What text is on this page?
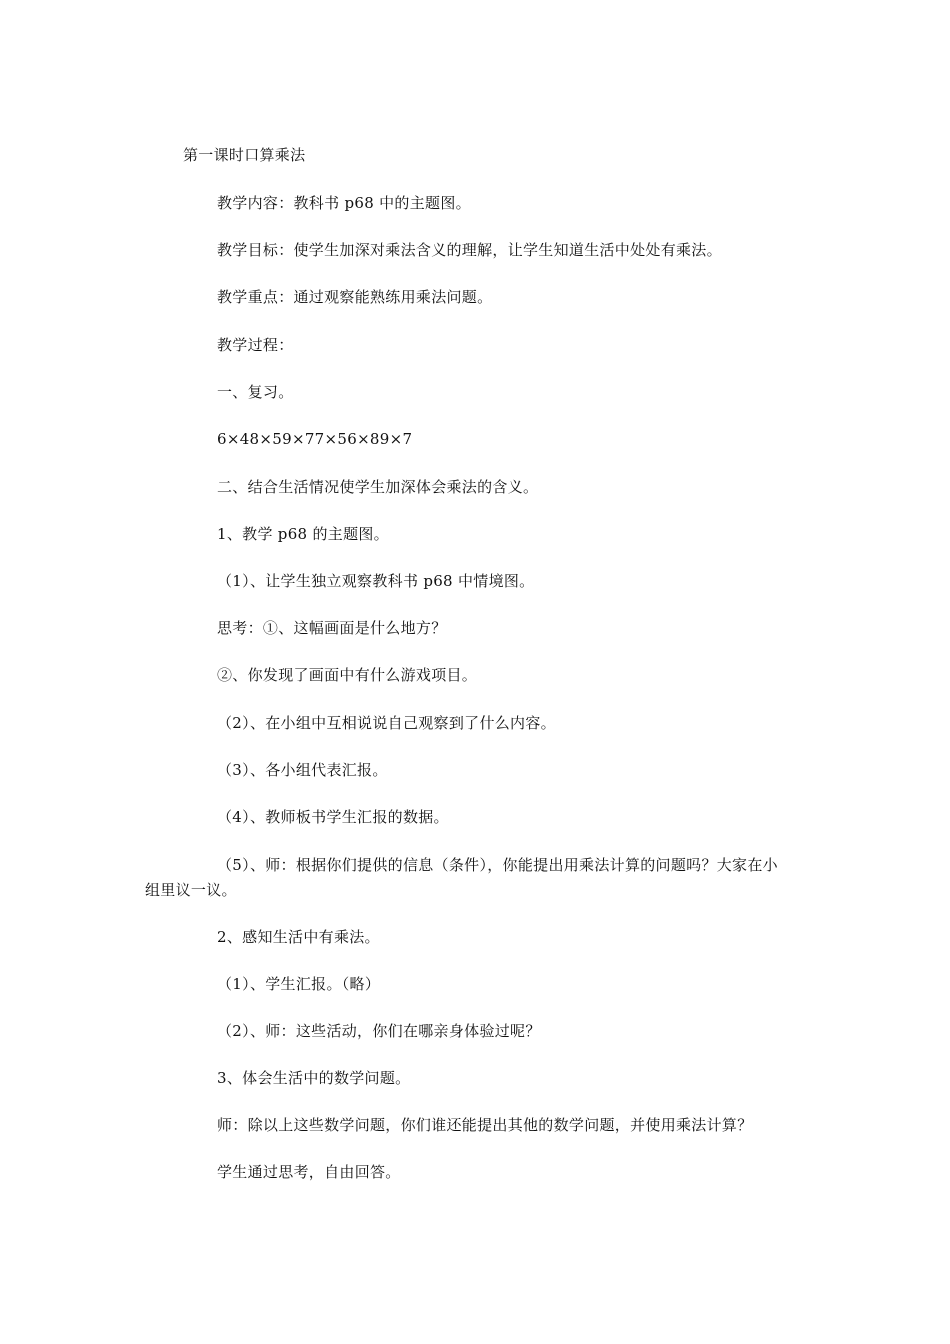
第一课时口算乘法
教学内容：教科书 p68 中的主题图。
教学目标：使学生加深对乘法含义的理解，让学生知道生活中处处有乘法。
教学重点：通过观察能熟练用乘法问题。
教学过程：
一、复习。
6×48×59×77×56×89×7
二、结合生活情况使学生加深体会乘法的含义。
1、教学 p68 的主题图。
（1）、让学生独立观察教科书 p68 中情境图。
思考：①、这幅画面是什么地方？
②、你发现了画面中有什么游戏项目。
（2）、在小组中互相说说自己观察到了什么内容。
（3）、各小组代表汇报。
（4）、教师板书学生汇报的数据。
（5）、师：根据你们提供的信息（条件），你能提出用乘法计算的问题吗？大家在小
组里议一议。
2、感知生活中有乘法。
（1）、学生汇报。（略）
（2）、师：这些活动，你们在哪亲身体验过呢？
3、体会生活中的数学问题。
师：除以上这些数学问题，你们谁还能提出其他的数学问题，并使用乘法计算？
学生通过思考，自由回答。
